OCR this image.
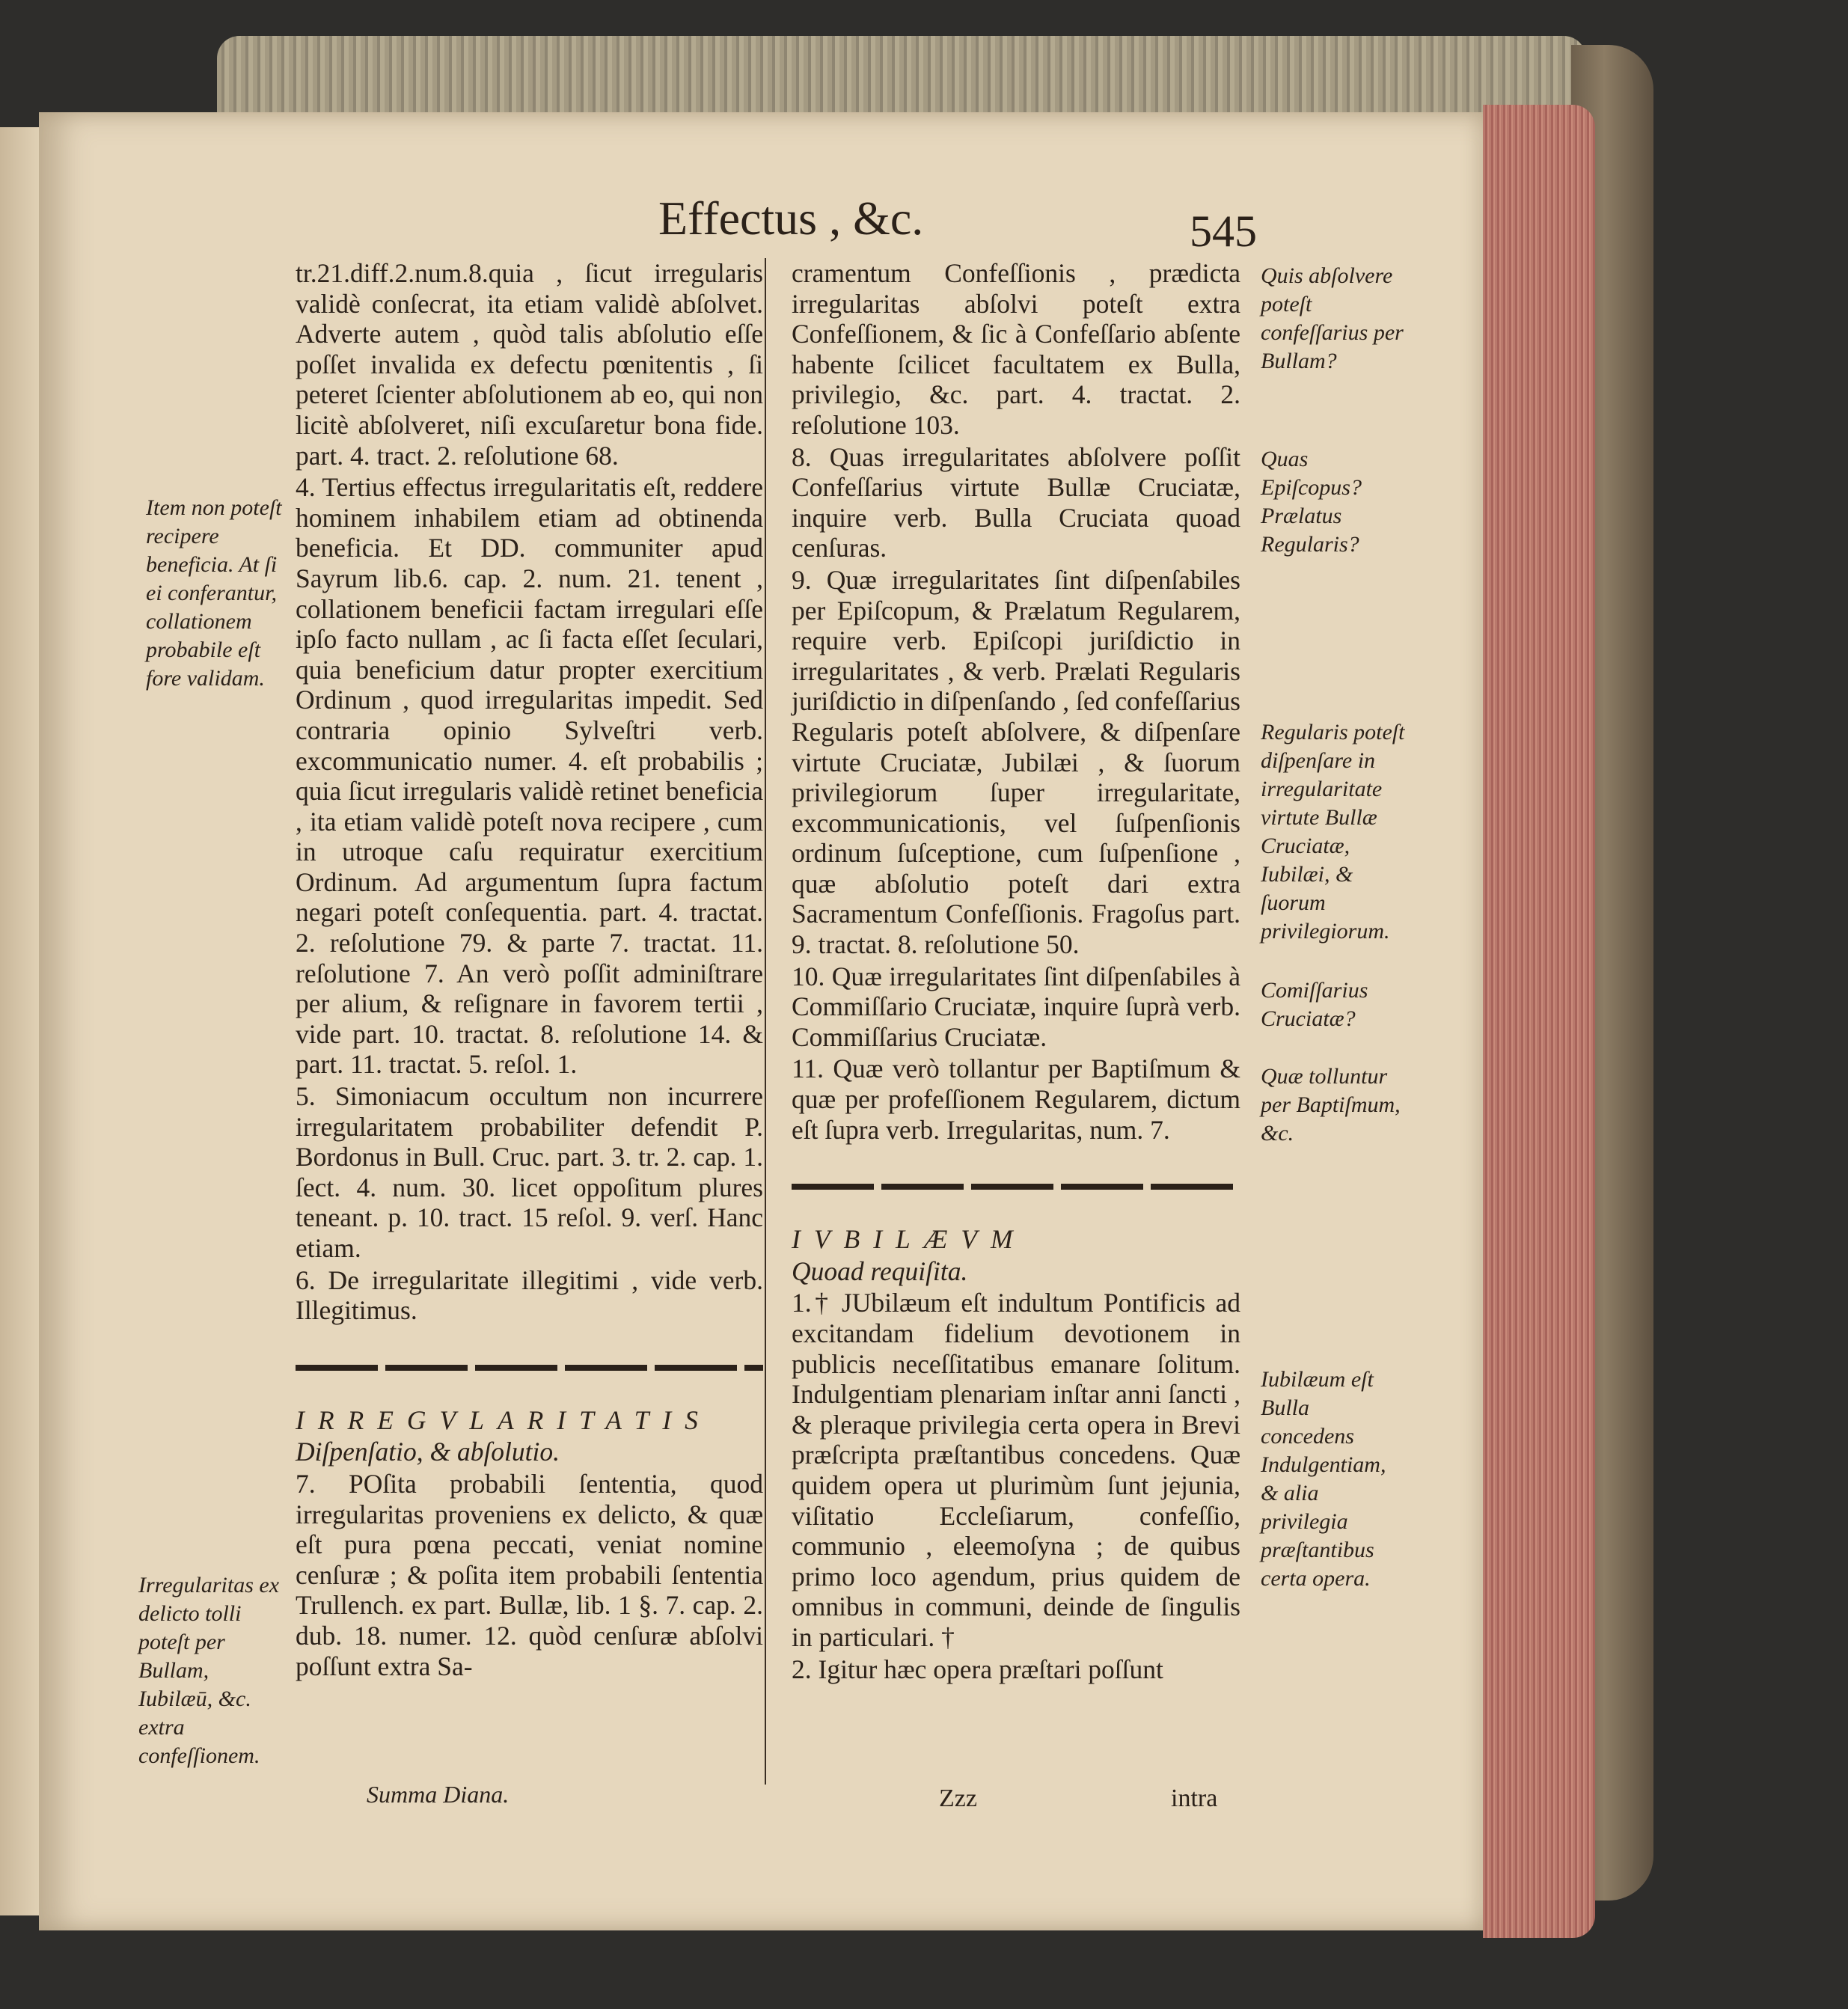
Effectus , &c.	545

tr.21.diff.2.num.8.quia , ſicut irregularis validè conſecrat, ita etiam validè abſolvet. Adverte autem , quòd talis abſolutio eſſe poſſet invalida ex defectu pœnitentis , ſi peteret ſcienter abſolutionem ab eo, qui non licitè abſolveret, niſi excuſaretur bona fide. part. 4. tract. 2. reſolutione 68.

4. Tertius effectus irregularitatis eſt, reddere hominem inhabilem etiam ad obtinenda beneficia. Et DD. communiter apud Sayrum lib.6. cap. 2. num. 21. tenent , collationem beneficii factam irregulari eſſe ipſo facto nullam , ac ſi facta eſſet ſeculari, quia beneficium datur propter exercitium Ordinum , quod irregularitas impedit. Sed contraria opinio Sylveſtri verb. excommunicatio numer. 4. eſt probabilis ; quia ſicut irregularis validè retinet beneficia , ita etiam validè poteſt nova recipere , cum in utroque caſu requiratur exercitium Ordinum. Ad argumentum ſupra factum negari poteſt conſequentia. part. 4. tractat. 2. reſolutione 79. & parte 7. tractat. 11. reſolutione 7. An verò poſſit adminiſtrare per alium, & reſignare in favorem tertii , vide part. 10. tractat. 8. reſolutione 14. & part. 11. tractat. 5. reſol. 1.

5. Simoniacum occultum non incurrere irregularitatem probabiliter defendit P. Bordonus in Bull. Cruc. part. 3. tr. 2. cap. 1. ſect. 4. num. 30. licet oppoſitum plures teneant. p. 10. tract. 15 reſol. 9. verſ. Hanc etiam.

6. De irregularitate illegitimi , vide verb. Illegitimus.

IRREGVLARITATIS

Diſpenſatio, & abſolutio.

7. POſita probabili ſententia, quod irregularitas proveniens ex delicto, & quæ eſt pura pœna peccati, veniat nomine cenſuræ ; & poſita item probabili ſententia Trullench. ex part. Bullæ, lib. 1 §. 7. cap. 2. dub. 18. numer. 12. quòd cenſuræ abſolvi poſſunt extra Sa-

cramentum Confeſſionis , prædicta irregularitas abſolvi poteſt extra Confeſſionem, & ſic à Confeſſario abſente habente ſcilicet facultatem ex Bulla, privilegio, &c. part. 4. tractat. 2. reſolutione 103.

8. Quas irregularitates abſolvere poſſit Confeſſarius virtute Bullæ Cruciatæ, inquire verb. Bulla Cruciata quoad cenſuras.

9. Quæ irregularitates ſint diſpenſabiles per Epiſcopum, & Prælatum Regularem, require verb. Epiſcopi juriſdictio in irregularitates , & verb. Prælati Regularis juriſdictio in diſpenſando , ſed confeſſarius Regularis poteſt abſolvere, & diſpenſare virtute Cruciatæ, Jubilæi , & ſuorum privilegiorum ſuper irregularitate, excommunicationis, vel ſuſpenſionis ordinum ſuſceptione, cum ſuſpenſione , quæ abſolutio poteſt dari extra Sacramentum Confeſſionis. Fragoſus part. 9. tractat. 8. reſolutione 50.

10. Quæ irregularitates ſint diſpenſabiles à Commiſſario Cruciatæ, inquire ſuprà verb. Commiſſarius Cruciatæ.

11. Quæ verò tollantur per Baptiſmum & quæ per profeſſionem Regularem, dictum eſt ſupra verb. Irregularitas, num. 7.

IVBILÆVM

Quoad requiſita.

1.† JUbilæum eſt indultum Pontificis ad excitandam fidelium devotionem in publicis neceſſitatibus emanare ſolitum. Indulgentiam plenariam inſtar anni ſancti , & pleraque privilegia certa opera in Brevi præſcripta præſtantibus concedens. Quæ quidem opera ut plurimùm ſunt jejunia, viſitatio Eccleſiarum, confeſſio, communio , eleemoſyna ; de quibus primo loco agendum, prius quidem de omnibus in communi, deinde de ſingulis in particulari. †

2. Igitur hæc opera præſtari poſſunt

Item non poteſt recipere beneficia. At ſi ei conferantur, collationem probabile eſt fore validam.
Irregularitas ex delicto tolli poteſt per Bullam, Iubilæū, &c. extra confeſſionem.
Quis abſolvere poteſt confeſſarius per Bullam?
Quas Epiſcopus? Prælatus Regularis?
Regularis poteſt diſpenſare in irregularitate virtute Bullæ Cruciatæ, Iubilæi, & ſuorum privilegiorum.
Comiſſarius Cruciatæ?
Quæ tolluntur per Baptiſmum, &c.
Iubilæum eſt Bulla concedens Indulgentiam, & alia privilegia præſtantibus certa opera.
Summa Diana.	Zzz	intra
